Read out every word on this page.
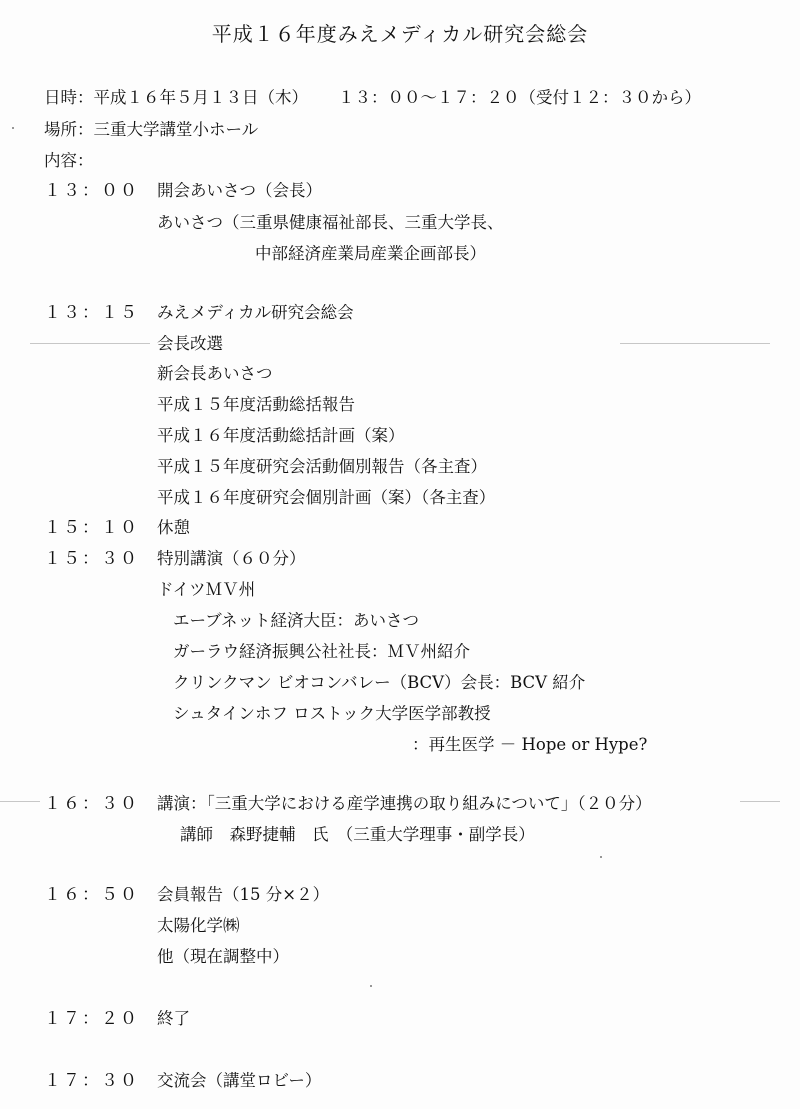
平成１６年度みえメディカル研究会総会
日時：平成１６年５月１３日（木） １３：００～１７：２０（受付１２：３０から）
場所：三重大学講堂小ホール
内容：
１３：００ 開会あいさつ（会長）
あいさつ（三重県健康福祉部長、三重大学長、
中部経済産業局産業企画部長）
１３：１５ みえメディカル研究会総会
会長改選
新会長あいさつ
平成１５年度活動総括報告
平成１６年度活動総括計画（案）
平成１５年度研究会活動個別報告（各主査）
平成１６年度研究会個別計画（案）（各主査）
１５：１０ 休憩
１５：３０ 特別講演（６０分）
ドイツＭＶ州
エーブネット経済大臣：あいさつ
ガーラウ経済振興公社社長：ＭＶ州紹介
クリンクマン ビオコンバレー（BCV）会長：BCV 紹介
シュタインホフ ロストック大学医学部教授
：再生医学 － Hope or Hype?
１６：３０ 講演：「三重大学における産学連携の取り組みについて」（２０分）
講師　森野捷輔　氏　（三重大学理事・副学長）
１６：５０ 会員報告（15 分×２）
太陽化学㈱
他（現在調整中）
１７：２０ 終了
１７：３０ 交流会（講堂ロビー）
